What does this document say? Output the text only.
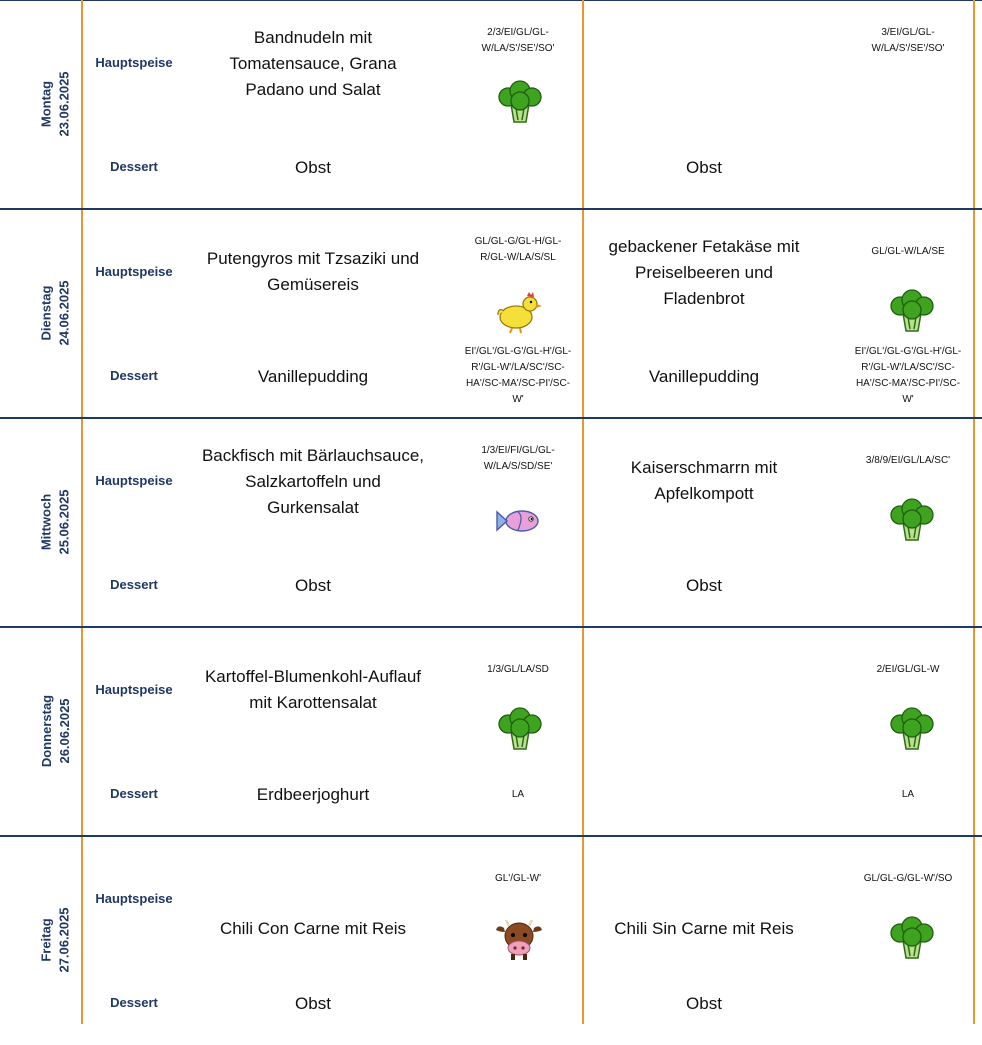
Montag 23.06.2025
Hauptspeise
Dessert
Bandnudeln mit
Tomatensauce, Grana
Padano und Salat
2/3/EI/GL/GL-
W/LA/S'/SE'/SO'
Obst
3/EI/GL/GL-
W/LA/S'/SE'/SO'
Obst
Dienstag 24.06.2025
Hauptspeise
Dessert
Putengyros mit Tzsaziki und
Gemüsereis
GL/GL-G/GL-H/GL-
R/GL-W/LA/S/SL
Vanillepudding
EI'/GL'/GL-G'/GL-H'/GL-
R'/GL-W'/LA/SC'/SC-
HA'/SC-MA'/SC-PI'/SC-
W'
gebackener Fetakäse mit
Preiselbeeren und
Fladenbrot
GL/GL-W/LA/SE
Vanillepudding
EI'/GL'/GL-G'/GL-H'/GL-
R'/GL-W'/LA/SC'/SC-
HA'/SC-MA'/SC-PI'/SC-
W'
Mittwoch 25.06.2025
Hauptspeise
Dessert
Backfisch mit Bärlauchsauce,
Salzkartoffeln und
Gurkensalat
1/3/EI/FI/GL/GL-
W/LA/S/SD/SE'
Obst
Kaiserschmarrn mit
Apfelkompott
3/8/9/EI/GL/LA/SC'
Obst
Donnerstag 26.06.2025
Hauptspeise
Dessert
Kartoffel-Blumenkohl-Auflauf
mit Karottensalat
1/3/GL/LA/SD
Erdbeerjoghurt	LA
2/EI/GL/GL-W
LA
Freitag 27.06.2025
Hauptspeise
Dessert
Chili Con Carne mit Reis
GL'/GL-W'
Obst
Chili Sin Carne mit Reis
GL/GL-G/GL-W'/SO
Obst
